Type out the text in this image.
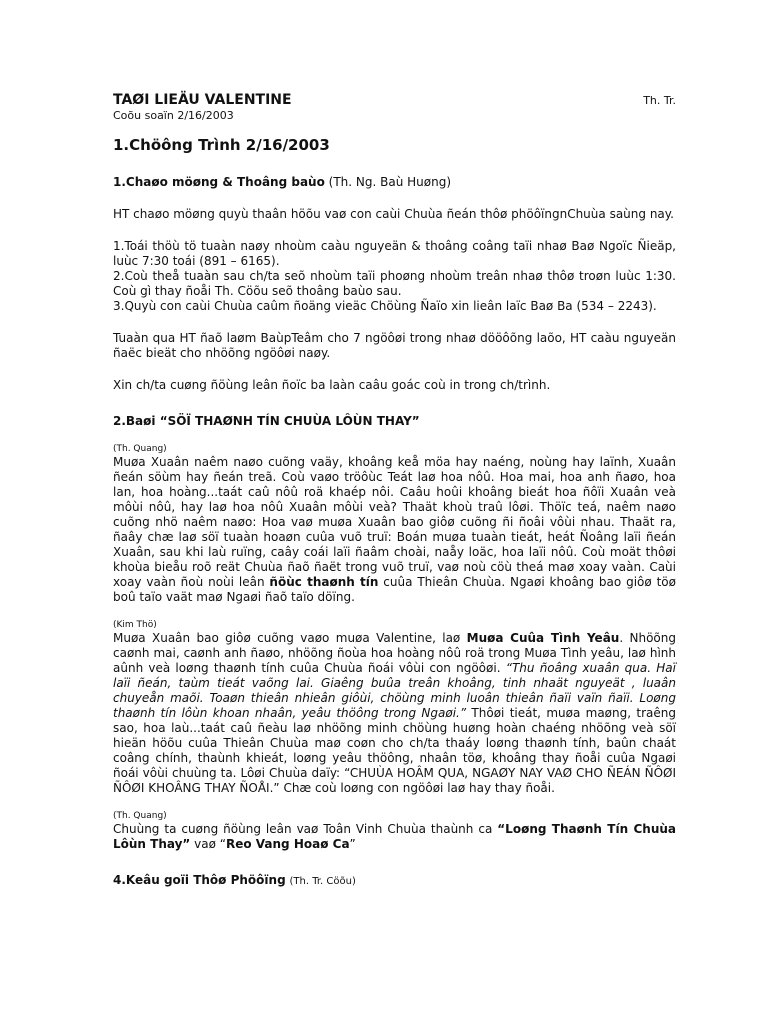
TAØI LIEÄU VALENTINE	Th. Tr.
Coõu soaïn 2/16/2003
1.Chöông Trình 2/16/2003
1.Chaøo möøng & Thoâng baùo (Th. Ng. Baù Huøng)

HT chaøo möøng quyù thaân höõu vaø con caùi Chuùa ñeán thôø phöôïngnChuùa saùng nay.

1.Toái thöù tö tuaàn naøy nhoùm caàu nguyeän & thoâng coâng taïi nhaø Baø Ngoïc Ñieäp, luùc 7:30 toái (891 – 6165).

2.Coù theå tuaàn sau ch/ta seõ nhoùm taïi phoøng nhoùm treân nhaø thôø troøn luùc 1:30. Coù gì thay ñoåi Th. Cöõu seõ thoâng baùo sau.

3.Quyù con caùi Chuùa caûm ñoäng vieäc Chöùng Ñaïo xin lieân laïc Baø Ba (534 – 2243).

Tuaàn qua HT ñaõ laøm BaùpTeâm cho 7 ngöôøi trong nhaø dööôõng laõo, HT caàu nguyeän ñaëc bieät cho nhöõng ngöôøi naøy.

Xin ch/ta cuøng ñöùng leân ñoïc ba laàn caâu goác coù in trong ch/trình.

2.Baøi “SÖÏ THAØNH TÍN CHUÙA LÔÙN THAY”
(Th. Quang)

Muøa Xuaân naêm naøo cuõng vaäy, khoâng keå möa hay naéng, noùng hay laïnh, Xuaân ñeán söùm hay ñeán treã. Coù vaøo tröôùc Teát laø hoa nôû. Hoa mai, hoa anh ñaøo, hoa lan, hoa hoàng...taát caû nôû roä khaép nôi. Caâu hoûi khoâng bieát hoa ñôïi Xuaân veà môùi nôû, hay laø hoa nôû Xuaân môùi veà? Thaät khoù traû lôøi. Thöïc teá, naêm naøo cuõng nhö naêm naøo: Hoa vaø muøa Xuaân bao giôø cuõng ñi ñoâi vôùi nhau. Thaät ra, ñaây chæ laø söï tuaàn hoaøn cuûa vuõ truï: Boán muøa tuaàn tieát, heát Ñoâng laïi ñeán Xuaân, sau khi laù ruïng, caây coái laïi ñaâm choài, naåy loäc, hoa laïi nôû. Coù moät thôøi khoùa bieåu roõ reät Chuùa ñaõ ñaët trong vuõ truï, vaø noù cöù theá maø xoay vaàn. Caùi xoay vaàn ñoù noùi leân ñöùc thaønh tín cuûa Thieân Chuùa. Ngaøi khoâng bao giôø töø boû taïo vaät maø Ngaøi ñaõ taïo döïng.

(Kim Thö)

Muøa Xuaân bao giôø cuõng vaøo muøa Valentine, laø Muøa Cuûa Tình Yeâu. Nhöõng caønh mai, caønh anh ñaøo, nhöõng ñoùa hoa hoàng nôû roä trong Muøa Tình yeâu, laø hình aûnh veà loøng thaønh tính cuûa Chuùa ñoái vôùi con ngöôøi. “Thu ñoâng xuaân qua. Haï laïi ñeán, taùm tieát vaõng lai. Giaêng buûa treân khoâng, tinh nhaät nguyeät , luaân chuyeån maõi. Toaøn thieân nhieân giôùi, chöùng minh luoân thieân ñaïi vaïn ñaïi. Loøng thaønh tín lôùn khoan nhaân, yeâu thöông trong Ngaøi.” Thôøi tieát, muøa maøng, traêng sao, hoa laù...taát caû ñeàu laø nhöõng minh chöùng huøng hoàn chaéng nhöõng veà söï hieän höõu cuûa Thieân Chuùa maø coøn cho ch/ta thaáy loøng thaønh tính, baûn chaát coâng chính, thaùnh khieát, loøng yeâu thöông, nhaân töø, khoâng thay ñoåi cuûa Ngaøi ñoái vôùi chuùng ta. Lôøi Chuùa daïy: “CHUÙA HOÂM QUA, NGAØY NAY VAØ CHO ÑEÁN ÑÔØI ÑÔØI KHOÂNG THAY ÑOÅI.” Chæ coù loøng con ngöôøi laø hay thay ñoåi.

(Th. Quang)

Chuùng ta cuøng ñöùng leân vaø Toân Vinh Chuùa thaùnh ca “Loøng Thaønh Tín Chuùa Lôùn Thay” vaø “Reo Vang Hoaø Ca”

4.Keâu goïi Thôø Phöôïng (Th. Tr. Cöõu)
